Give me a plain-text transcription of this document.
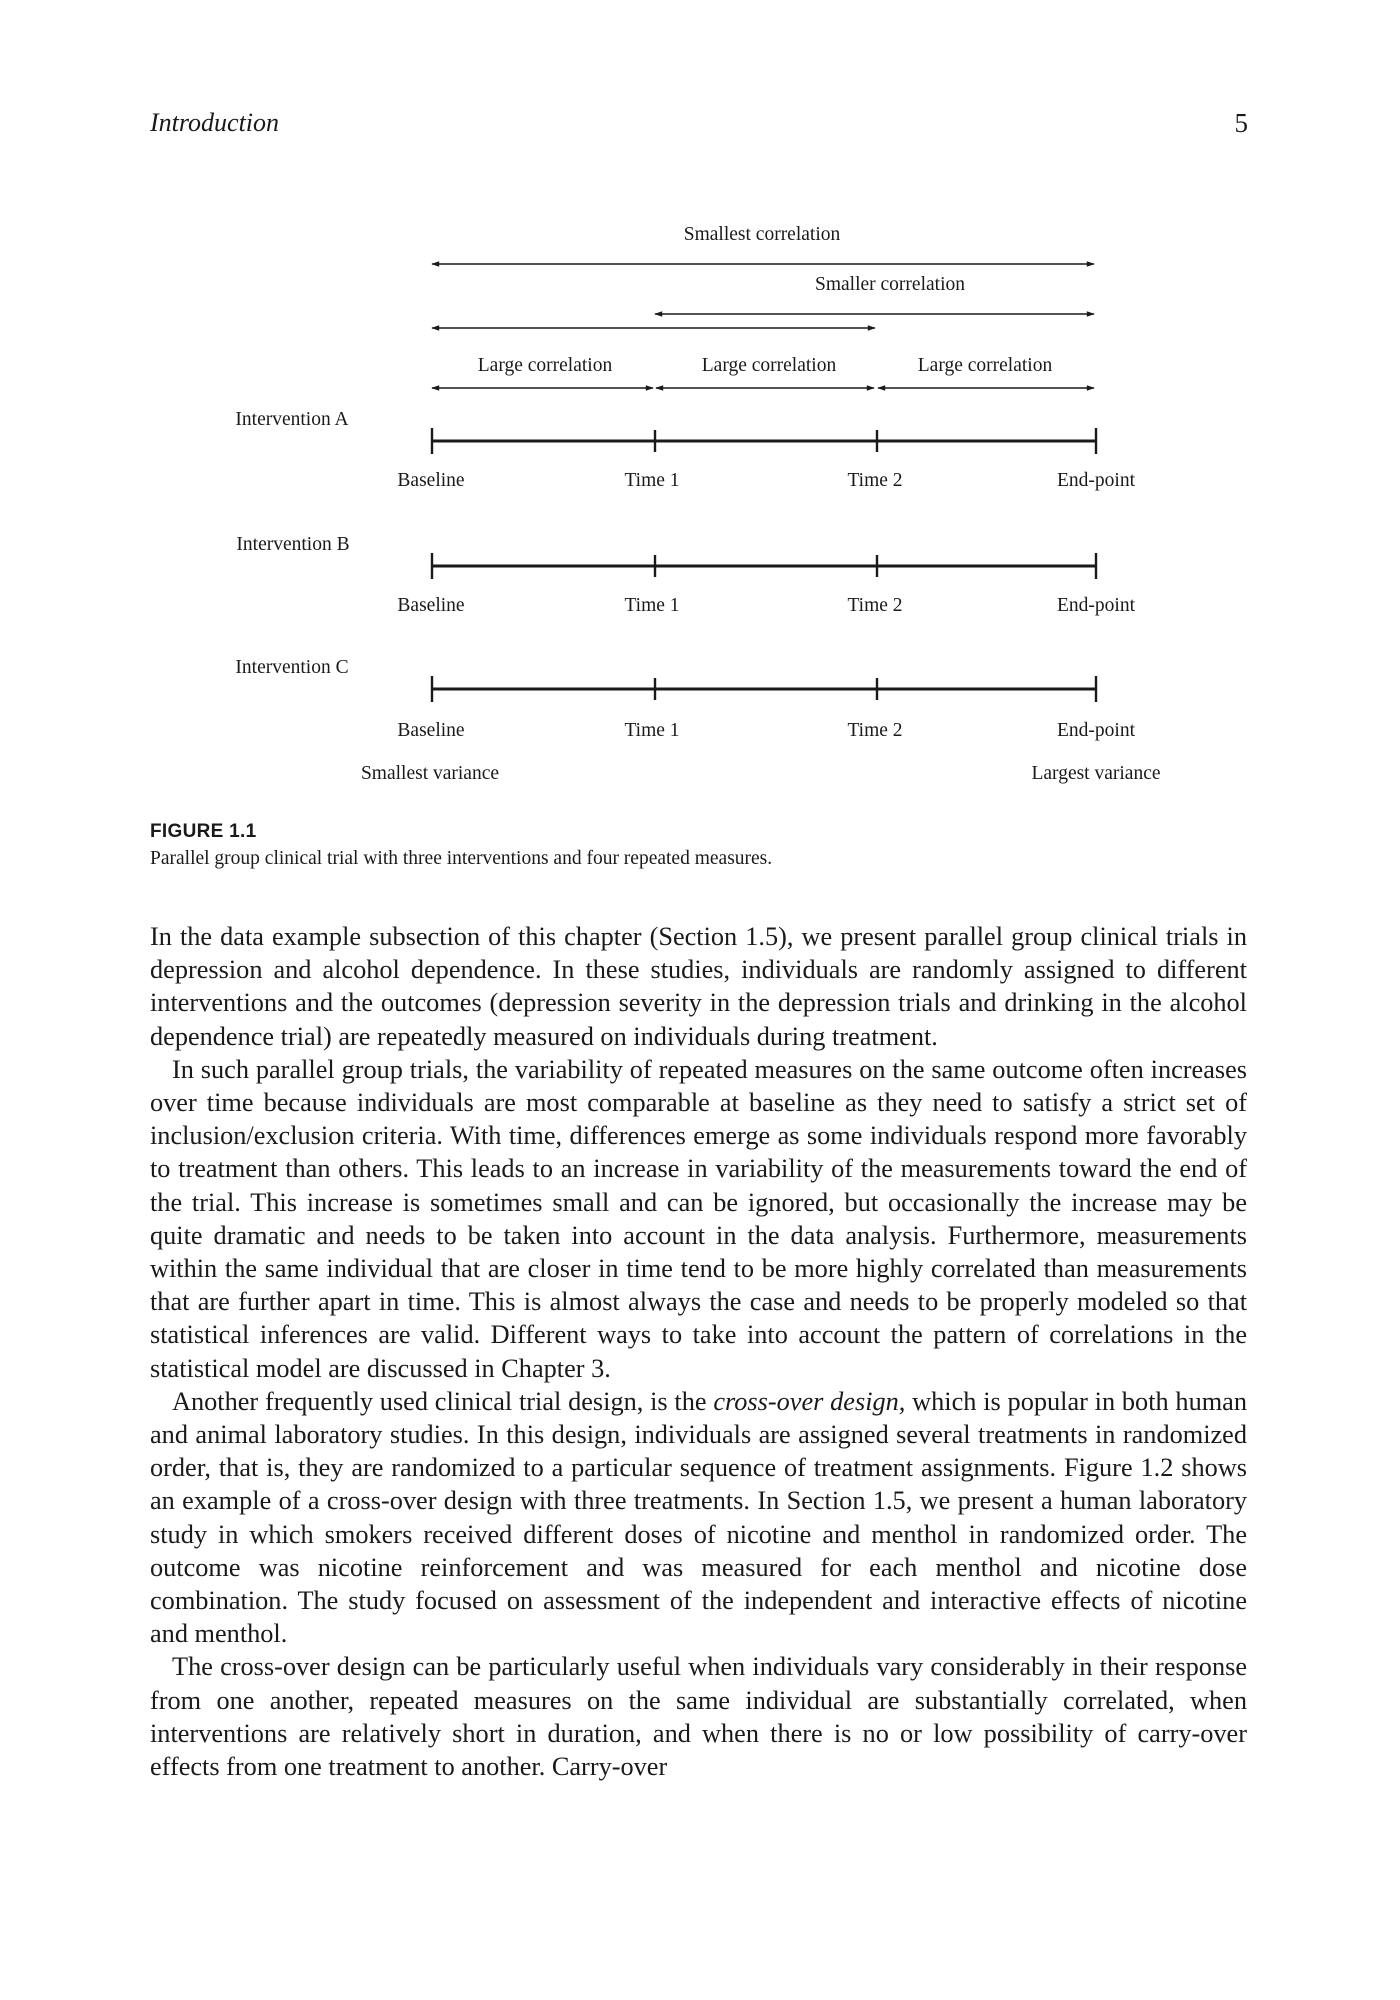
Introduction	5
Smallest correlation
Smaller correlation
Large correlation	Large correlation	Large correlation
Intervention A
Baseline	Time 1	Time 2	End-point
Intervention B
Baseline	Time 1	Time 2	End-point
Intervention C
Baseline	Time 1	Time 2	End-point
Smallest variance	Largest variance
FIGURE 1.1
Parallel group clinical trial with three interventions and four repeated measures.

In the data example subsection of this chapter (Section 1.5), we present parallel group clinical trials in depression and alcohol dependence. In these studies, individuals are randomly assigned to different interventions and the outcomes (depression severity in the depression trials and drinking in the alcohol dependence trial) are repeatedly measured on individuals during treatment.

In such parallel group trials, the variability of repeated measures on the same outcome often increases over time because individuals are most comparable at baseline as they need to satisfy a strict set of inclusion/exclusion criteria. With time, differences emerge as some individuals respond more favorably to treatment than others. This leads to an increase in variability of the measurements toward the end of the trial. This increase is sometimes small and can be ignored, but occasionally the increase may be quite dramatic and needs to be taken into account in the data analysis. Furthermore, measurements within the same individual that are closer in time tend to be more highly correlated than measurements that are further apart in time. This is almost always the case and needs to be properly modeled so that statistical inferences are valid. Different ways to take into account the pattern of correlations in the statistical model are discussed in Chapter 3.

Another frequently used clinical trial design, is the cross-over design, which is popular in both human and animal laboratory studies. In this design, individuals are assigned several treatments in randomized order, that is, they are randomized to a particular sequence of treatment assignments. Figure 1.2 shows an example of a cross-over design with three treatments. In Section 1.5, we present a human laboratory study in which smokers received different doses of nicotine and menthol in randomized order. The outcome was nicotine reinforcement and was measured for each menthol and nicotine dose combination. The study focused on assessment of the independent and interactive effects of nicotine and menthol.

The cross-over design can be particularly useful when individuals vary considerably in their response from one another, repeated measures on the same individual are substantially correlated, when interventions are relatively short in duration, and when there is no or low possibility of carry-over effects from one treatment to another. Carry-over
